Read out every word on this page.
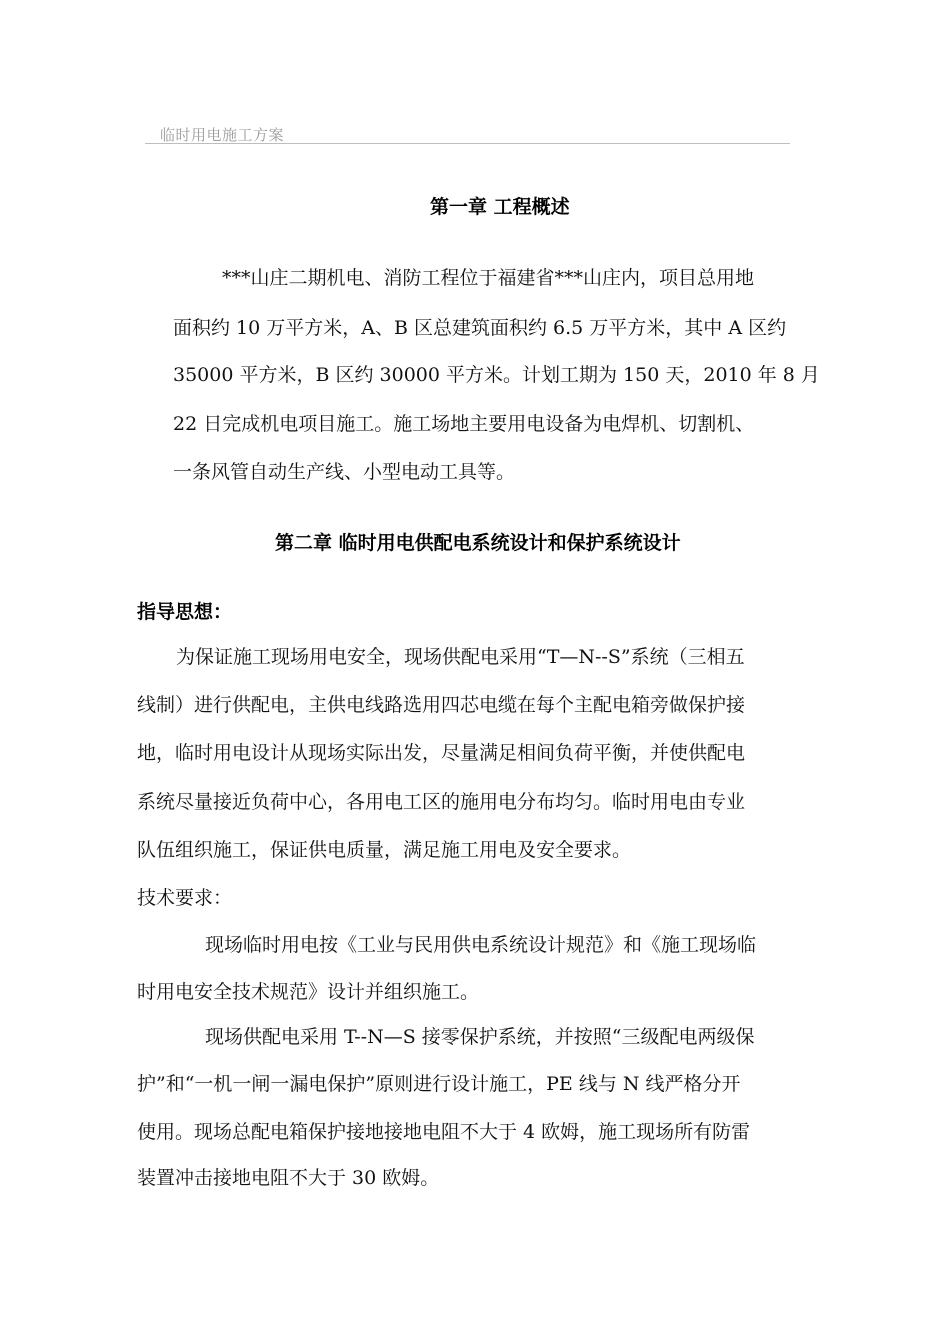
临时用电施工方案
第一章 工程概述
***山庄二期机电、消防工程位于福建省***山庄内，项目总用地
面积约 10 万平方米，A、B 区总建筑面积约 6.5 万平方米，其中 A 区约
35000 平方米，B 区约 30000 平方米。计划工期为 150 天，2010 年 8 月
22 日完成机电项目施工。施工场地主要用电设备为电焊机、切割机、
一条风管自动生产线、小型电动工具等。
第二章 临时用电供配电系统设计和保护系统设计
指导思想：
为保证施工现场用电安全，现场供配电采用“T—N--S”系统（三相五
线制）进行供配电，主供电线路选用四芯电缆在每个主配电箱旁做保护接
地，临时用电设计从现场实际出发，尽量满足相间负荷平衡，并使供配电
系统尽量接近负荷中心，各用电工区的施用电分布均匀。临时用电由专业
队伍组织施工，保证供电质量，满足施工用电及安全要求。
技术要求：
现场临时用电按《工业与民用供电系统设计规范》和《施工现场临
时用电安全技术规范》设计并组织施工。
现场供配电采用 T--N—S 接零保护系统，并按照“三级配电两级保
护”和“一机一闸一漏电保护”原则进行设计施工，PE 线与 N 线严格分开
使用。现场总配电箱保护接地接地电阻不大于 4 欧姆，施工现场所有防雷
装置冲击接地电阻不大于 30 欧姆。
